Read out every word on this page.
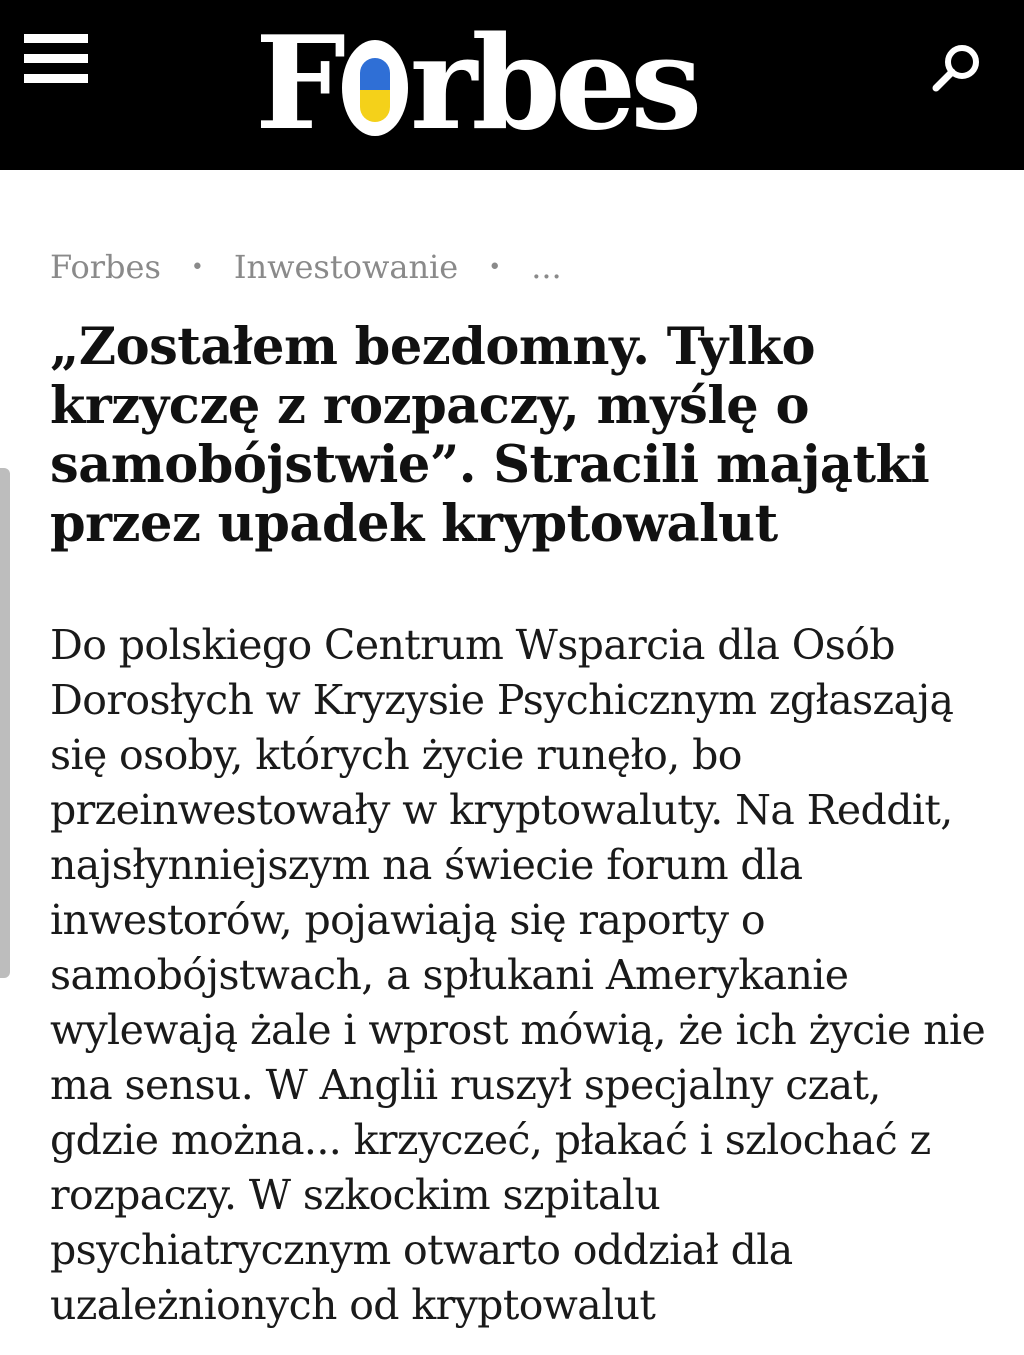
F rbes
Forbes • Inwestowanie • ...
„Zostałem bezdomny. Tylko krzyczę z rozpaczy, myślę o samobójstwie”. Stracili majątki przez upadek kryptowalut

Do polskiego Centrum Wsparcia dla Osób Dorosłych w Kryzysie Psychicznym zgłaszają się osoby, których życie runęło, bo przeinwestowały w kryptowaluty. Na Reddit, najsłynniejszym na świecie forum dla inwestorów, pojawiają się raporty o samobójstwach, a spłukani Amerykanie wylewają żale i wprost mówią, że ich życie nie ma sensu. W Anglii ruszył specjalny czat, gdzie można... krzyczeć, płakać i szlochać z rozpaczy. W szkockim szpitalu psychiatrycznym otwarto oddział dla uzależnionych od kryptowalut
